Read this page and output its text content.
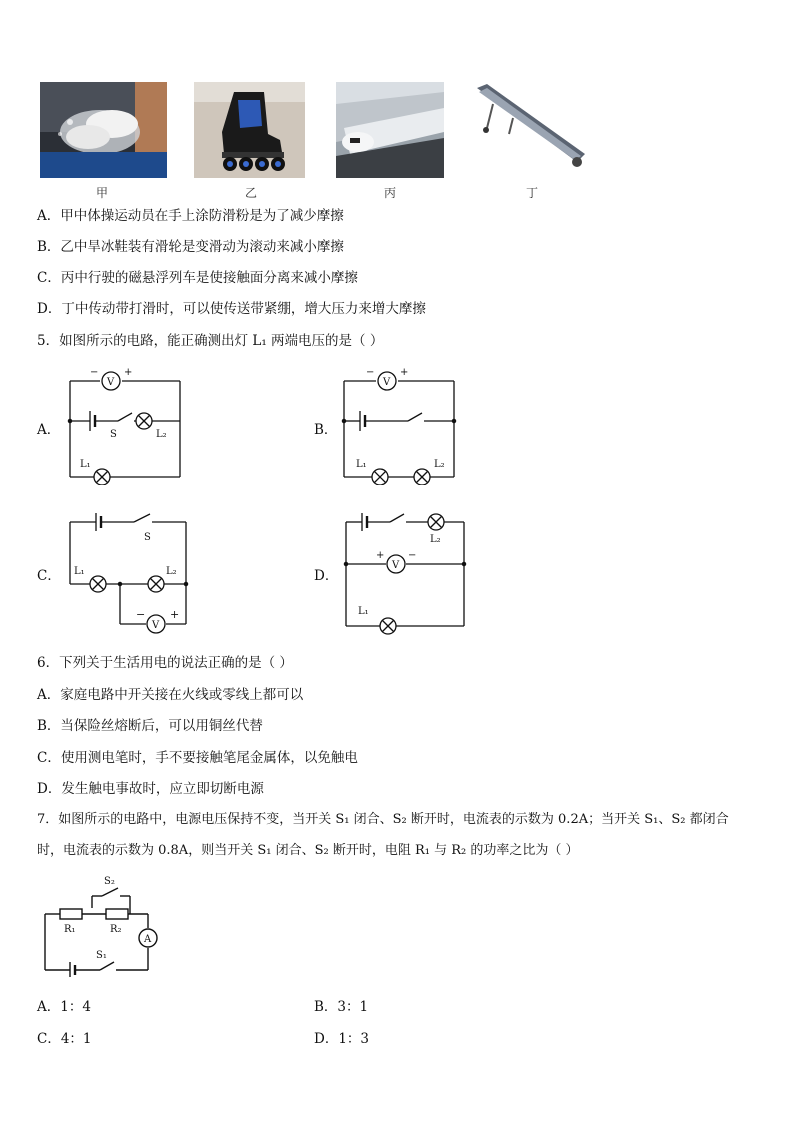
甲	乙	丙	丁
A．甲中体操运动员在手上涂防滑粉是为了减少摩擦
B．乙中旱冰鞋装有滑轮是变滑动为滚动来减小摩擦
C．丙中行驶的磁悬浮列车是使接触面分离来减小摩擦
D．丁中传动带打滑时，可以使传送带紧绷，增大压力来增大摩擦
5．如图所示的电路，能正确测出灯 L₁ 两端电压的是（ ）
A．
V
−	+
S	L₂
L₁
B．
V
−	+
L₁	L₂
C．
S
L₁	L₂
V
− +
D．
L₂
V
+ −
L₁
6．下列关于生活用电的说法正确的是（ ）
A．家庭电路中开关接在火线或零线上都可以
B．当保险丝熔断后，可以用铜丝代替
C．使用测电笔时，手不要接触笔尾金属体，以免触电
D．发生触电事故时，应立即切断电源
7．如图所示的电路中，电源电压保持不变，当开关 S₁ 闭合、S₂ 断开时，电流表的示数为 0.2A；当开关 S₁、S₂ 都闭合
时，电流表的示数为 0.8A，则当开关 S₁ 闭合、S₂ 断开时，电阻 R₁ 与 R₂ 的功率之比为（ ）
S₂
R₁	R₂
A
S₁
A．1：4	B．3：1
C．4：1	D．1：3
